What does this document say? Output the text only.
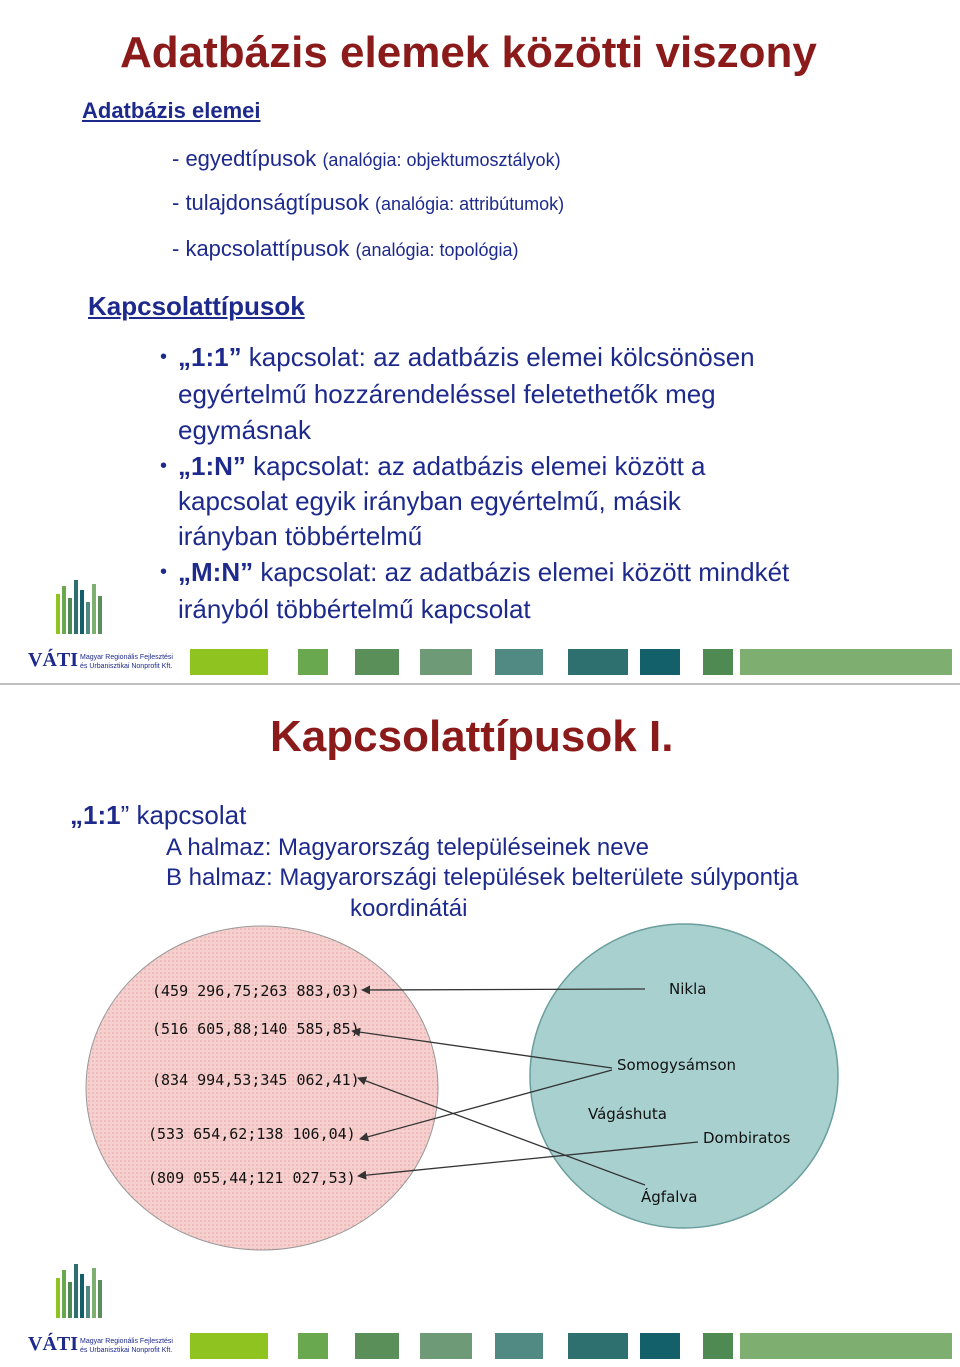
Adatbázis elemek közötti viszony
Adatbázis elemei
- egyedtípusok (analógia: objektumosztályok)
- tulajdonságtípusok (analógia: attribútumok)
- kapcsolattípusok (analógia: topológia)
Kapcsolattípusok
• „1:1” kapcsolat: az adatbázis elemei kölcsönösen
egyértelmű hozzárendeléssel feletethetők meg
egymásnak
• „1:N” kapcsolat: az adatbázis elemei között a
kapcsolat egyik irányban egyértelmű, másik
irányban többértelmű
• „M:N” kapcsolat: az adatbázis elemei között mindkét
irányból többértelmű kapcsolat
VÁTI Magyar Regionális Fejlesztési
és Urbanisztikai Nonprofit Kft.
Kapcsolattípusok I.
„1:1” kapcsolat
A halmaz: Magyarország településeinek neve
B halmaz: Magyarországi települések belterülete súlypontja
koordinátái
(459 296,75;263 883,03)
(516 605,88;140 585,85)
(834 994,53;345 062,41)
(533 654,62;138 106,04)
(809 055,44;121 027,53)
Nikla
Somogysámson
Vágáshuta
Dombiratos
Ágfalva
VÁTI Magyar Regionális Fejlesztési
és Urbanisztikai Nonprofit Kft.
